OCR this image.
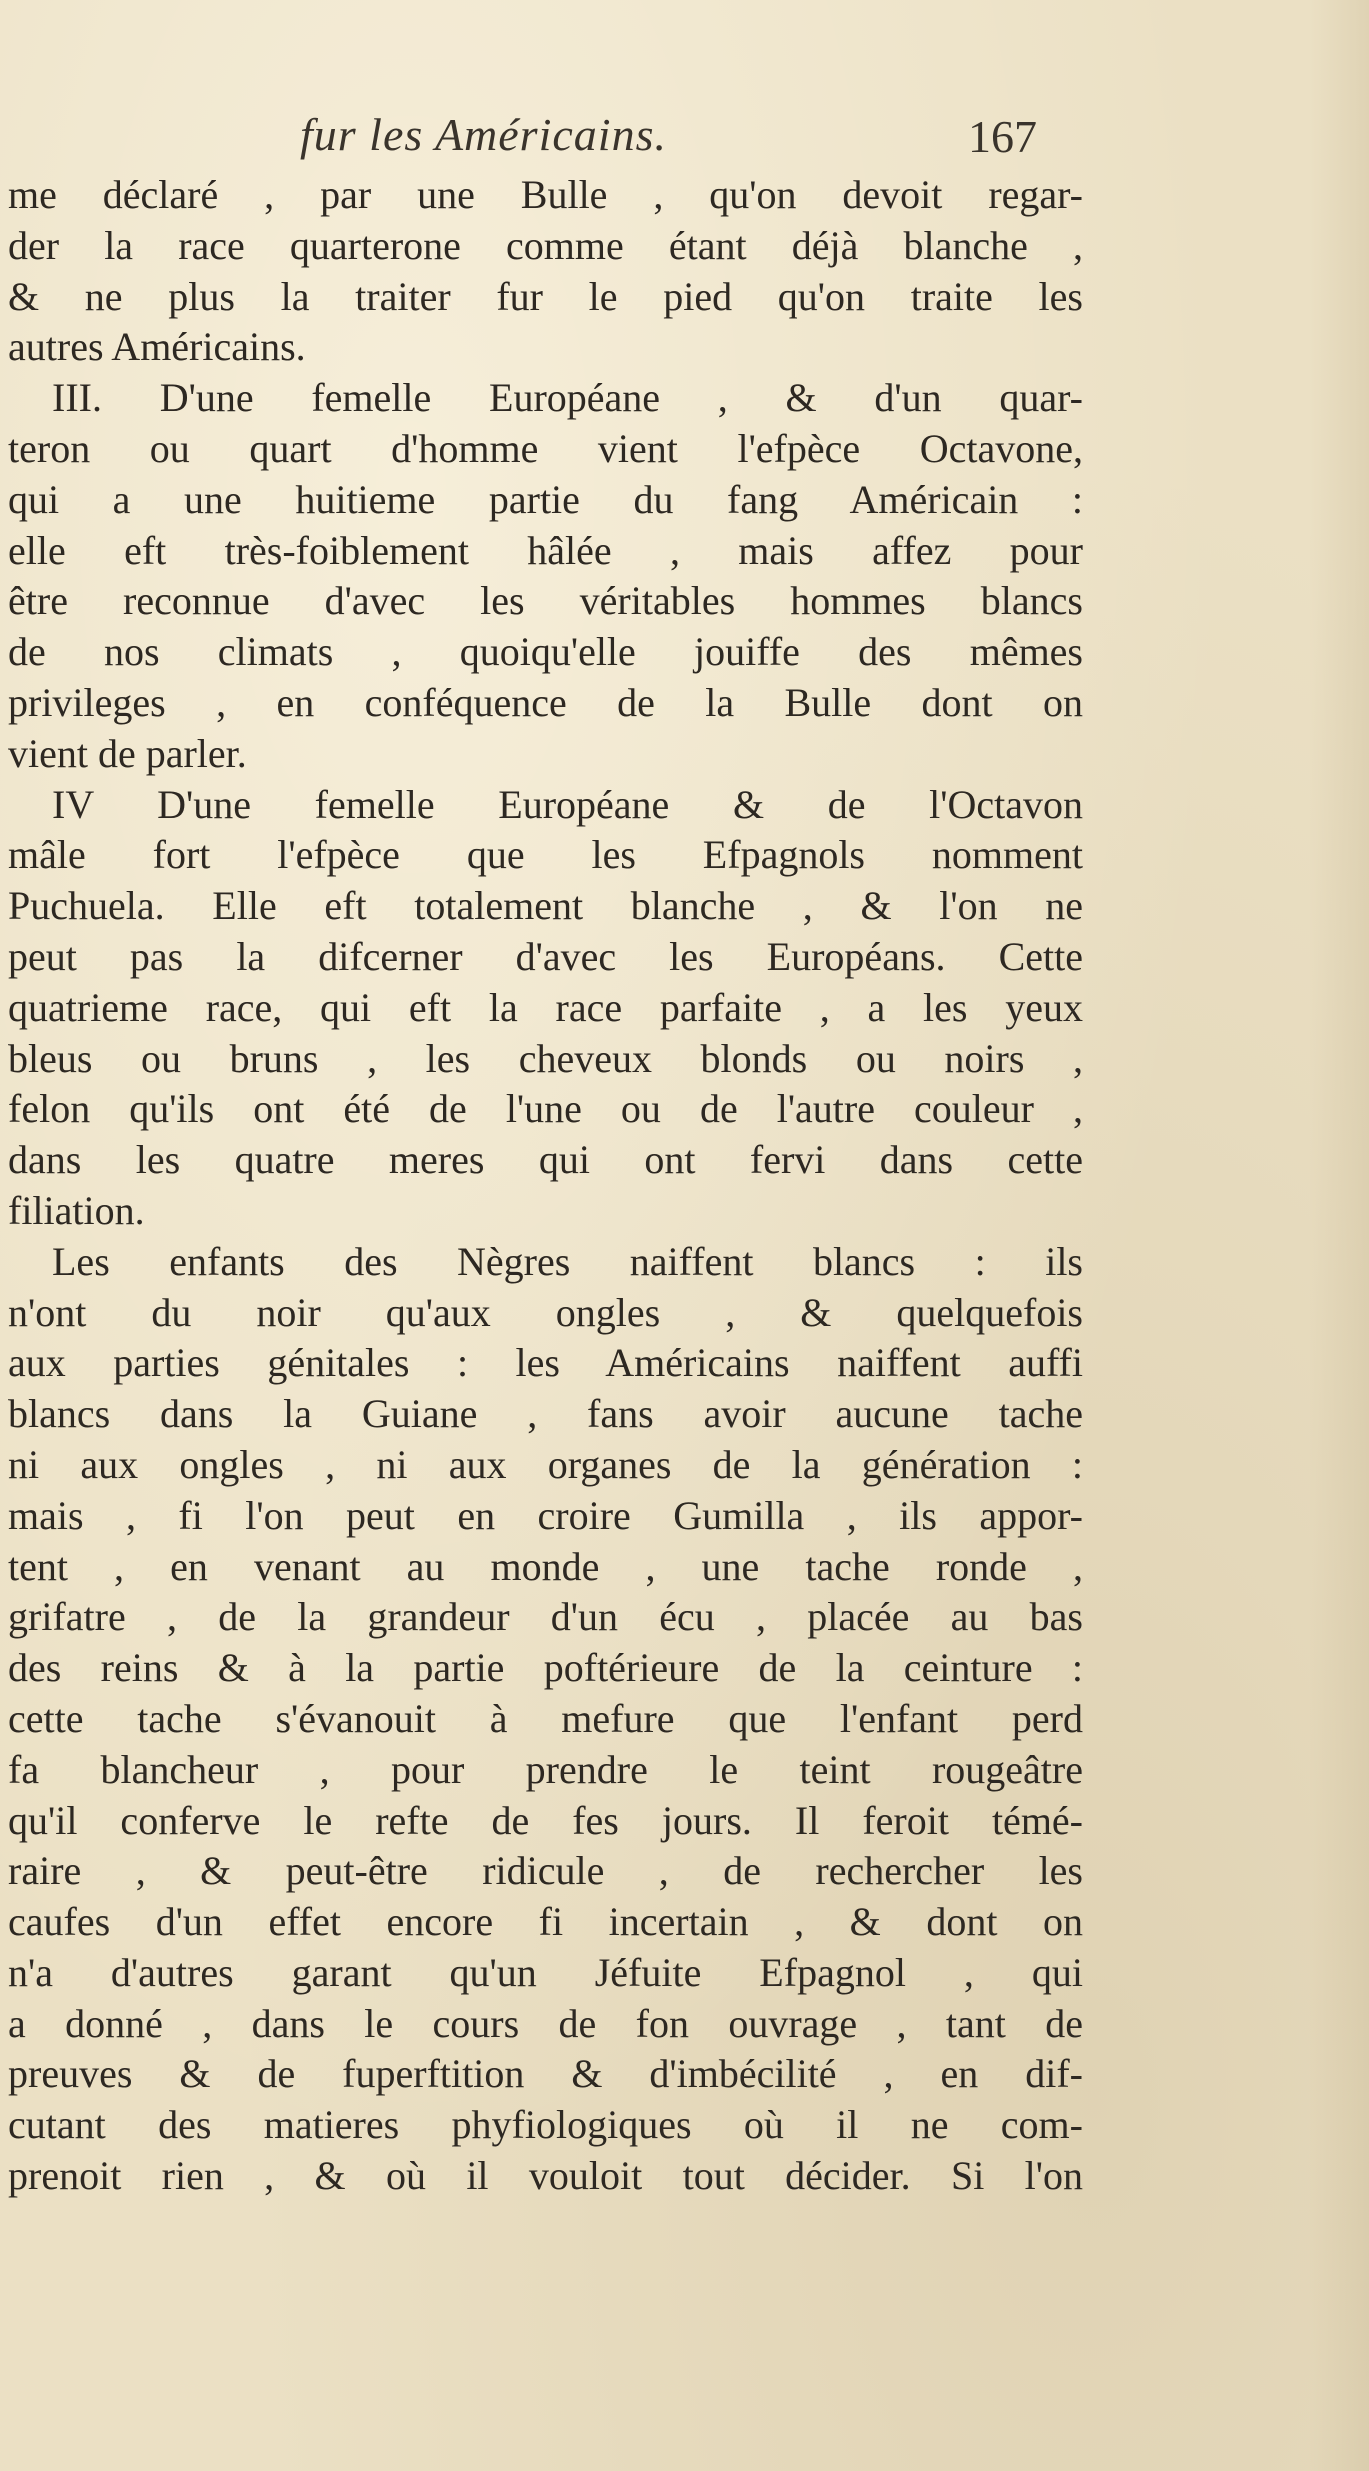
fur les Américains.	167
me déclaré , par une Bulle , qu'on devoit regar-
der la race quarterone comme étant déjà blanche ,
& ne plus la traiter fur le pied qu'on traite les
autres Américains.
III. D'une femelle Européane , & d'un quar-
teron ou quart d'homme vient l'efpèce Octavone,
qui a une huitieme partie du fang Américain :
elle eft très-foiblement hâlée , mais affez pour
être reconnue d'avec les véritables hommes blancs
de nos climats , quoiqu'elle jouiffe des mêmes
privileges , en conféquence de la Bulle dont on
vient de parler.
IV D'une femelle Européane & de l'Octavon
mâle fort l'efpèce que les Efpagnols nomment
Puchuela. Elle eft totalement blanche , & l'on ne
peut pas la difcerner d'avec les Européans. Cette
quatrieme race, qui eft la race parfaite , a les yeux
bleus ou bruns , les cheveux blonds ou noirs ,
felon qu'ils ont été de l'une ou de l'autre couleur ,
dans les quatre meres qui ont fervi dans cette
filiation.
Les enfants des Nègres naiffent blancs : ils
n'ont du noir qu'aux ongles , & quelquefois
aux parties génitales : les Américains naiffent auffi
blancs dans la Guiane , fans avoir aucune tache
ni aux ongles , ni aux organes de la génération :
mais , fi l'on peut en croire Gumilla , ils appor-
tent , en venant au monde , une tache ronde ,
grifatre , de la grandeur d'un écu , placée au bas
des reins & à la partie poftérieure de la ceinture :
cette tache s'évanouit à mefure que l'enfant perd
fa blancheur , pour prendre le teint rougeâtre
qu'il conferve le refte de fes jours. Il feroit témé-
raire , & peut-être ridicule , de rechercher les
caufes d'un effet encore fi incertain , & dont on
n'a d'autres garant qu'un Jéfuite Efpagnol , qui
a donné , dans le cours de fon ouvrage , tant de
preuves & de fuperftition & d'imbécilité , en dif-
cutant des matieres phyfiologiques où il ne com-
prenoit rien , & où il vouloit tout décider. Si l'on
